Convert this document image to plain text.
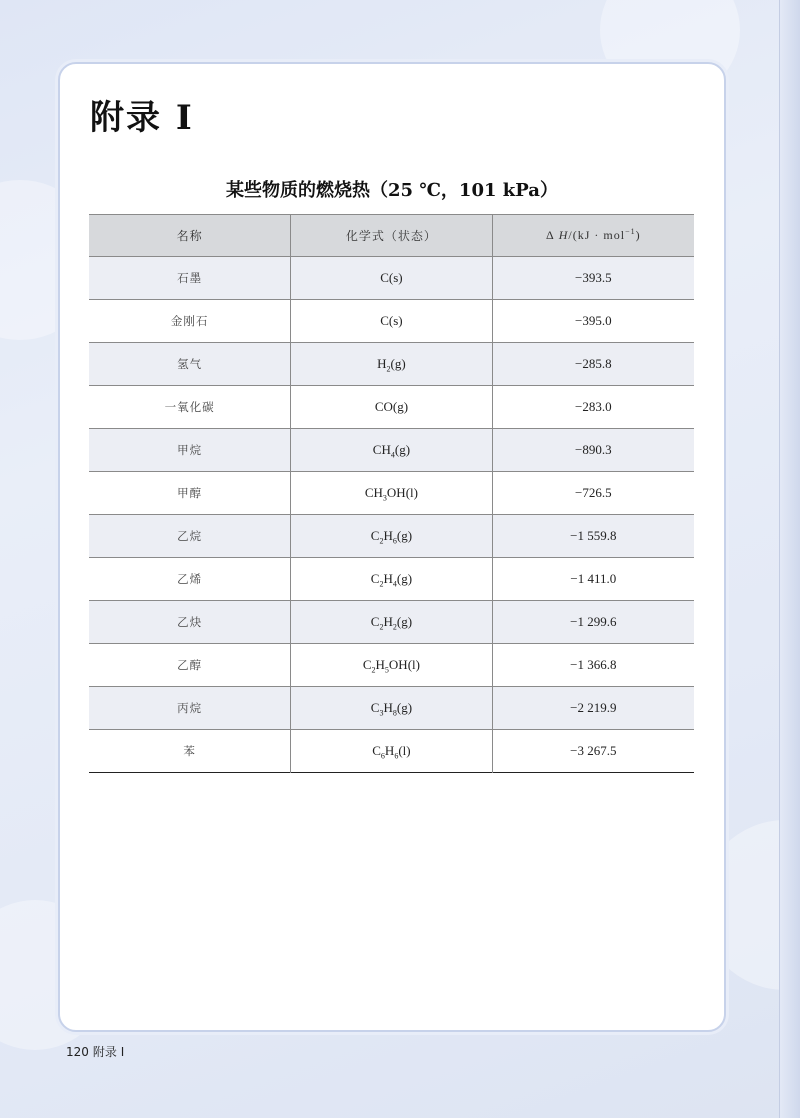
附录 I
某些物质的燃烧热（25 ℃，101 kPa）
名称	化学式（状态）	Δ H/(kJ · mol$^{-1}$)
石墨	C(s)	−393.5
金刚石	C(s)	−395.0
氢气	$H_2(g)$	−285.8
一氧化碳	CO(g)	−283.0
甲烷	$CH_4(g)$	−890.3
甲醇	$CH_3OH(l)$	−726.5
乙烷	$C_2H_6(g)$	−1 559.8
乙烯	$C_2H_4(g)$	−1 411.0
乙炔	$C_2H_2(g)$	−1 299.6
乙醇	$C_2H_5OH(l)$	−1 366.8
丙烷	$C_3H_8(g)$	−2 219.9
苯	$C_6H_6(l)$	−3 267.5
120 附录 I
